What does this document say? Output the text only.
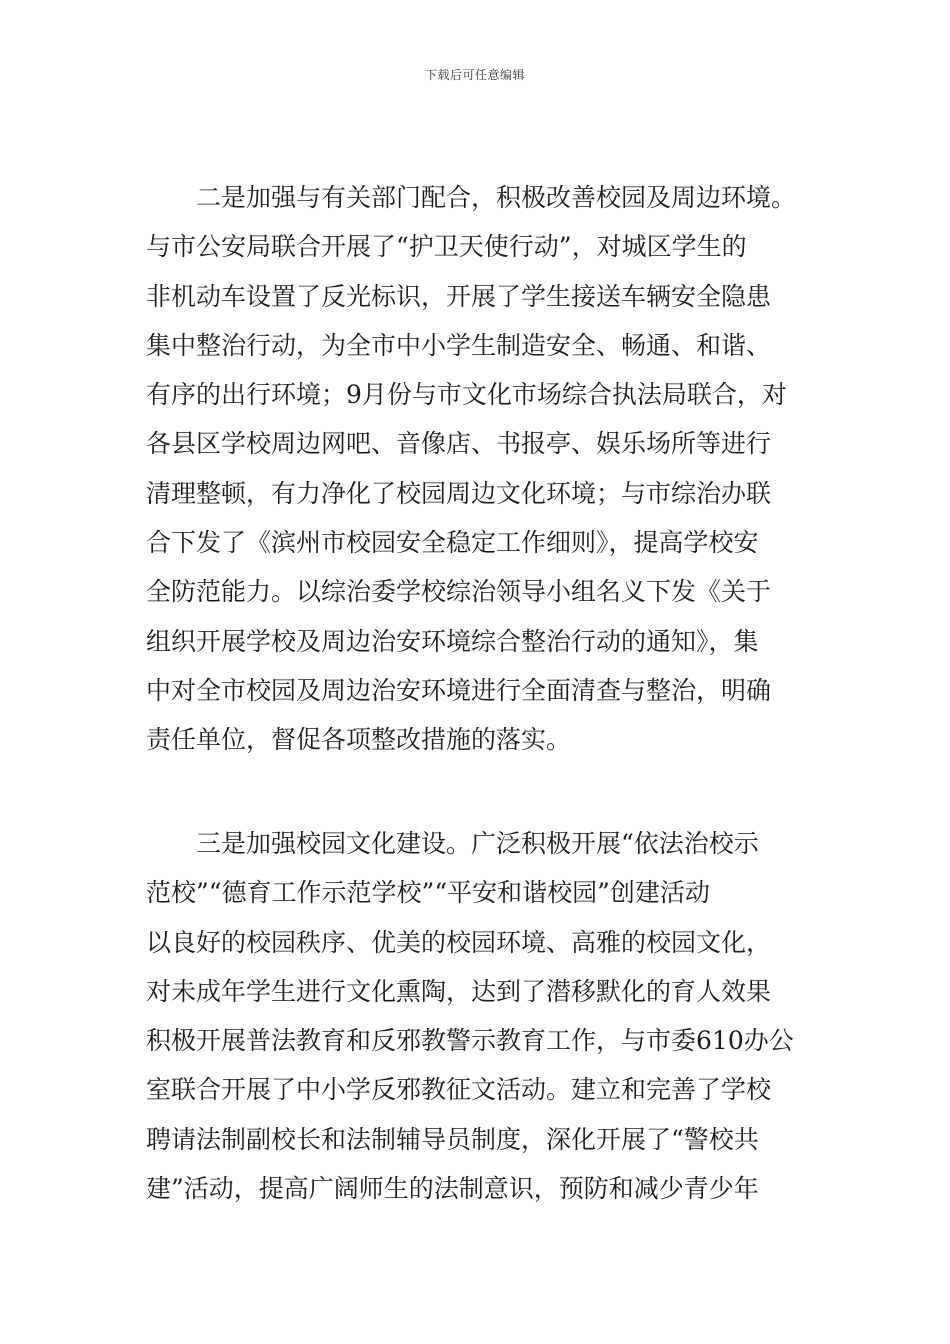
下载后可任意编辑
二是加强与有关部门配合，积极改善校园及周边环境。
与市公安局联合开展了“护卫天使行动”，对城区学生的
非机动车设置了反光标识，开展了学生接送车辆安全隐患
集中整治行动，为全市中小学生制造安全、畅通、和谐、
有序的出行环境；9月份与市文化市场综合执法局联合，对
各县区学校周边网吧、音像店、书报亭、娱乐场所等进行
清理整顿，有力净化了校园周边文化环境；与市综治办联
合下发了《滨州市校园安全稳定工作细则》，提高学校安
全防范能力。以综治委学校综治领导小组名义下发《关于
组织开展学校及周边治安环境综合整治行动的通知》，集
中对全市校园及周边治安环境进行全面清查与整治，明确
责任单位，督促各项整改措施的落实。
三是加强校园文化建设。广泛积极开展“依法治校示
范校”“德育工作示范学校”“平安和谐校园”创建活动
以良好的校园秩序、优美的校园环境、高雅的校园文化，
对未成年学生进行文化熏陶，达到了潜移默化的育人效果
积极开展普法教育和反邪教警示教育工作，与市委610办公
室联合开展了中小学反邪教征文活动。建立和完善了学校
聘请法制副校长和法制辅导员制度，深化开展了“警校共
建”活动，提高广阔师生的法制意识，预防和减少青少年
